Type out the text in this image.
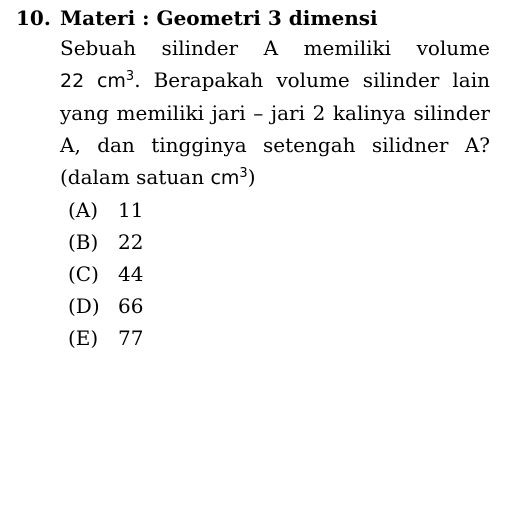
10. Materi : Geometri 3 dimensi
Sebuah silinder A memiliki volume
22 $cm^3$. Berapakah volume silinder lain
yang memiliki jari – jari 2 kalinya silinder
A, dan tingginya setengah silidner A?
(dalam satuan $cm^3$)
(A) 11
(B) 22
(C) 44
(D) 66
(E) 77
